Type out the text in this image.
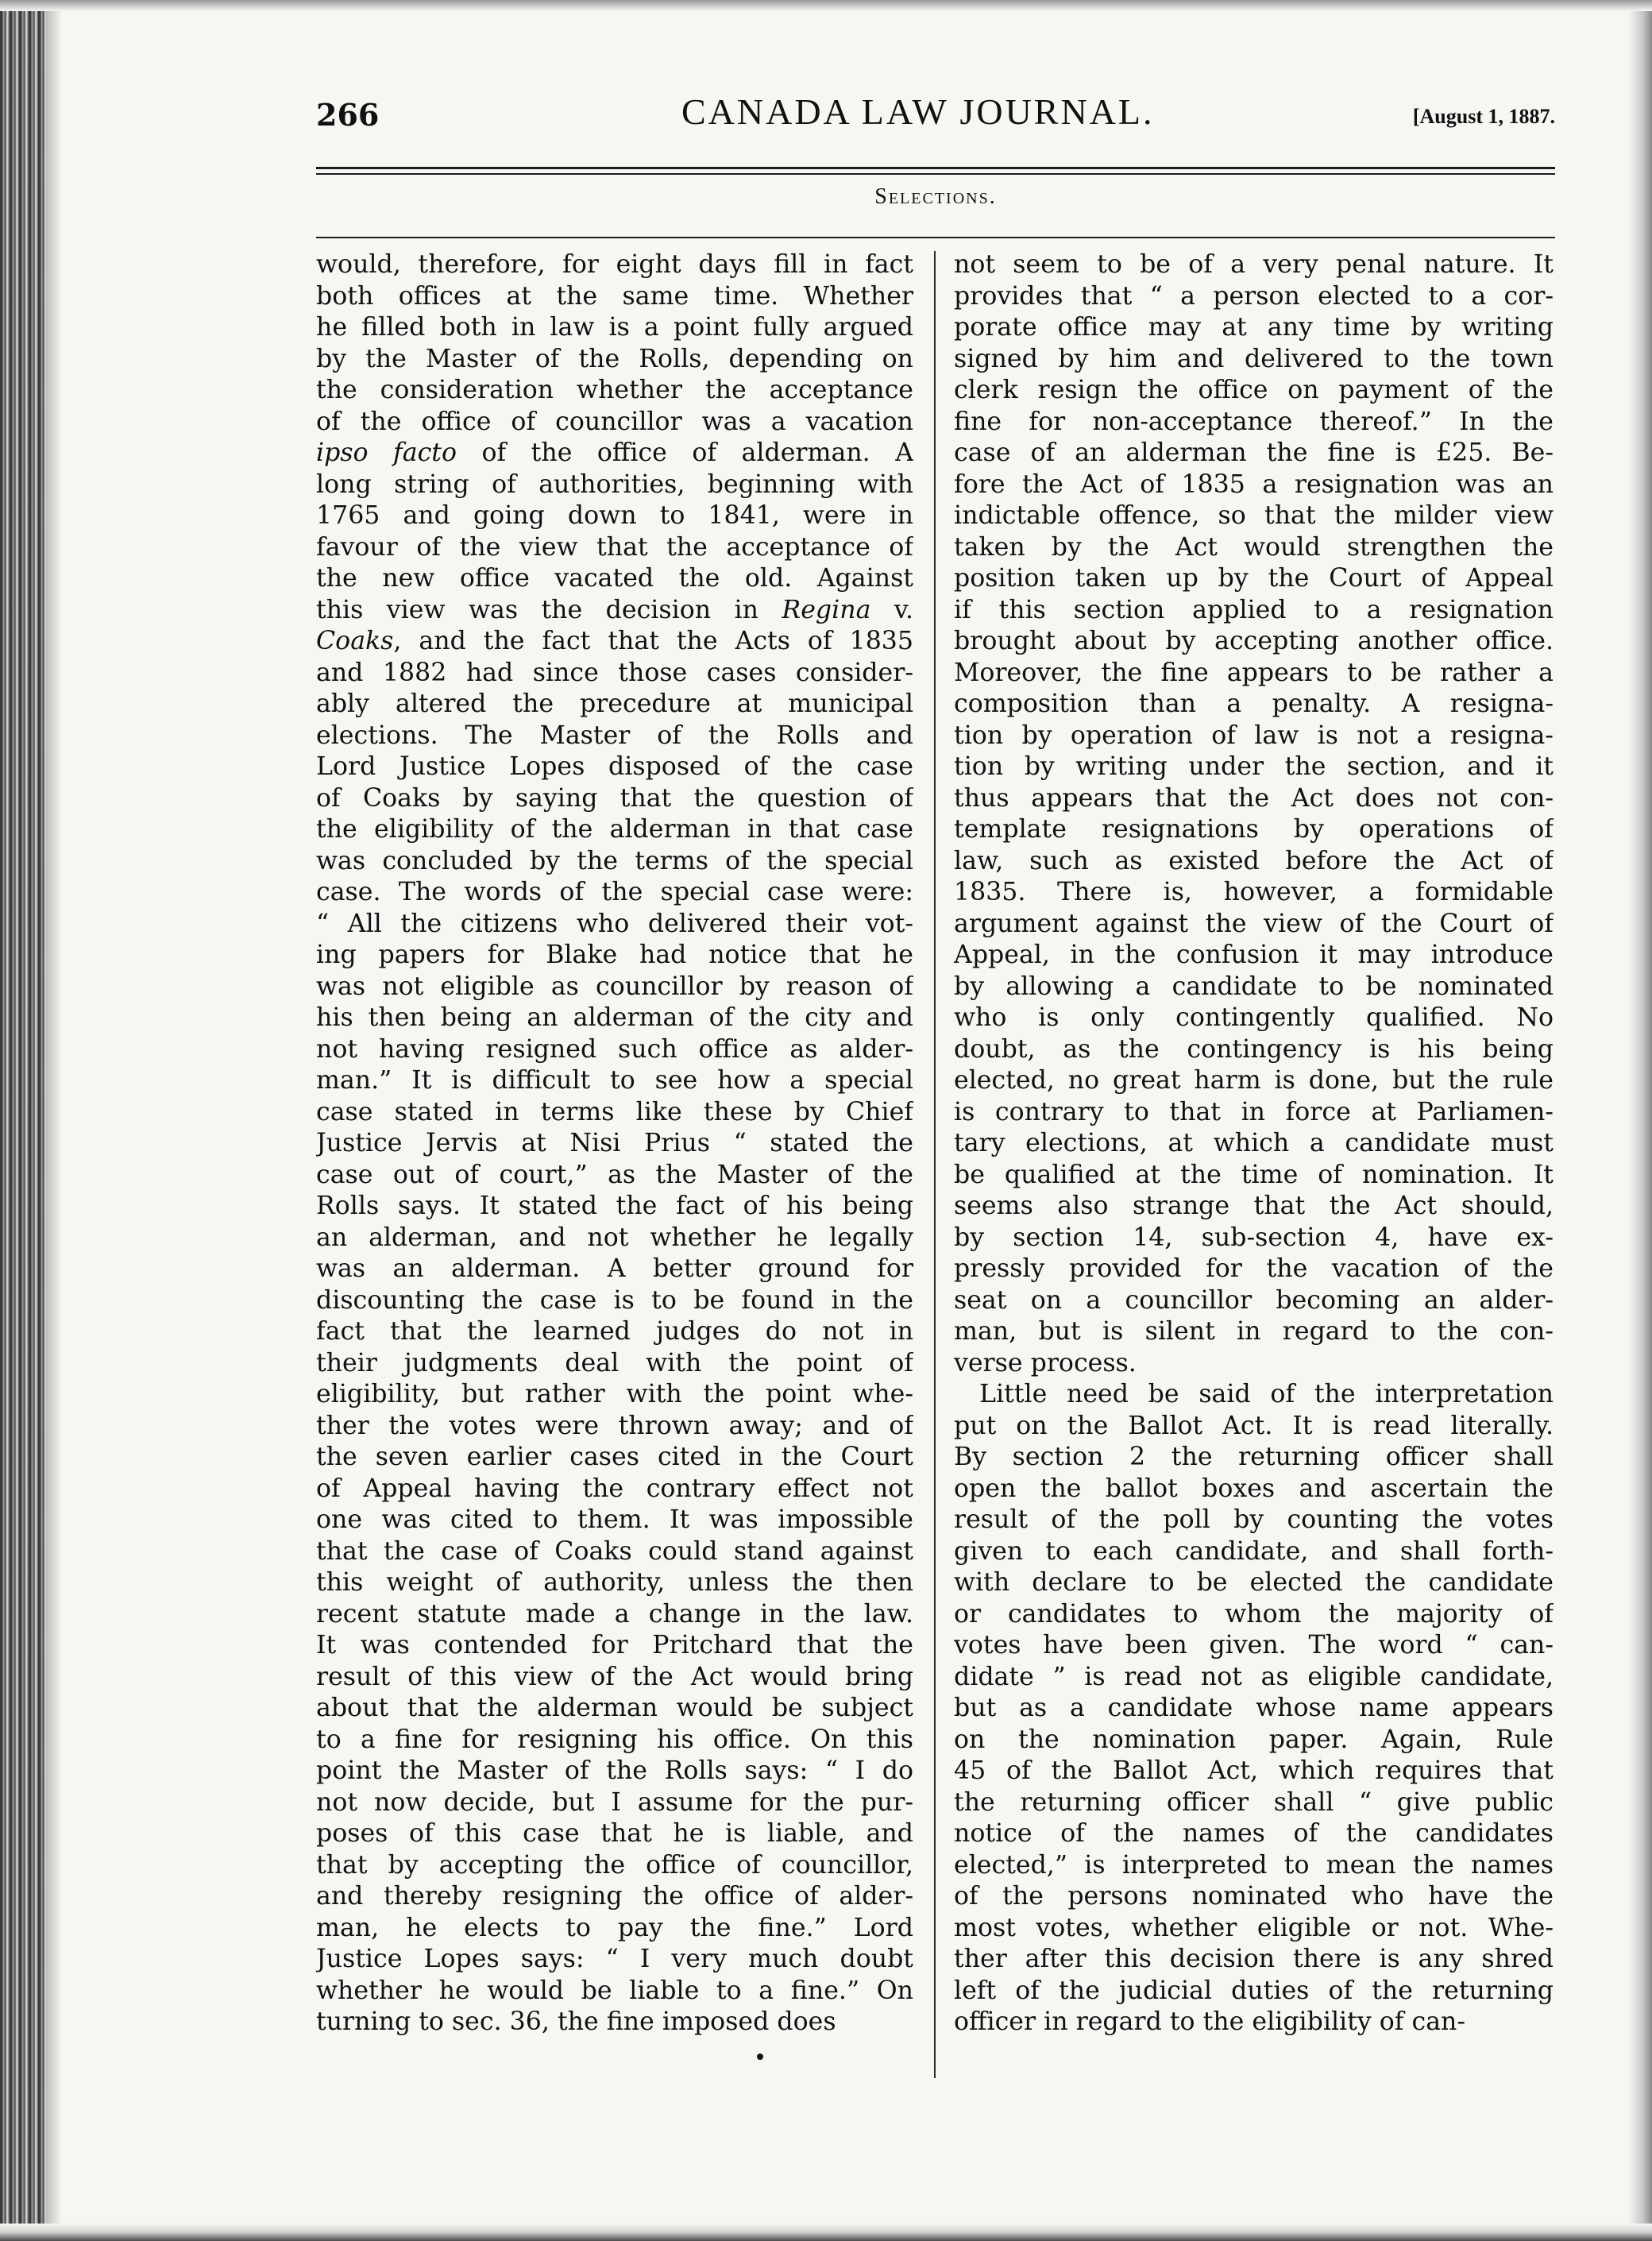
266	CANADA LAW JOURNAL.	[August 1, 1887.
Selections.
would, therefore, for eight days fill in fact
both offices at the same time. Whether
he filled both in law is a point fully argued
by the Master of the Rolls, depending on
the consideration whether the acceptance
of the office of councillor was a vacation
ipso facto of the office of alderman. A
long string of authorities, beginning with
1765 and going down to 1841, were in
favour of the view that the acceptance of
the new office vacated the old. Against
this view was the decision in Regina v.
Coaks, and the fact that the Acts of 1835
and 1882 had since those cases consider-
ably altered the precedure at municipal
elections. The Master of the Rolls and
Lord Justice Lopes disposed of the case
of Coaks by saying that the question of
the eligibility of the alderman in that case
was concluded by the terms of the special
case. The words of the special case were:
“ All the citizens who delivered their vot-
ing papers for Blake had notice that he
was not eligible as councillor by reason of
his then being an alderman of the city and
not having resigned such office as alder-
man.” It is difficult to see how a special
case stated in terms like these by Chief
Justice Jervis at Nisi Prius “ stated the
case out of court,” as the Master of the
Rolls says. It stated the fact of his being
an alderman, and not whether he legally
was an alderman. A better ground for
discounting the case is to be found in the
fact that the learned judges do not in
their judgments deal with the point of
eligibility, but rather with the point whe-
ther the votes were thrown away; and of
the seven earlier cases cited in the Court
of Appeal having the contrary effect not
one was cited to them. It was impossible
that the case of Coaks could stand against
this weight of authority, unless the then
recent statute made a change in the law.
It was contended for Pritchard that the
result of this view of the Act would bring
about that the alderman would be subject
to a fine for resigning his office. On this
point the Master of the Rolls says: “ I do
not now decide, but I assume for the pur-
poses of this case that he is liable, and
that by accepting the office of councillor,
and thereby resigning the office of alder-
man, he elects to pay the fine.” Lord
Justice Lopes says: “ I very much doubt
whether he would be liable to a fine.” On
turning to sec. 36, the fine imposed does
not seem to be of a very penal nature. It
provides that “ a person elected to a cor-
porate office may at any time by writing
signed by him and delivered to the town
clerk resign the office on payment of the
fine for non-acceptance thereof.” In the
case of an alderman the fine is £25. Be-
fore the Act of 1835 a resignation was an
indictable offence, so that the milder view
taken by the Act would strengthen the
position taken up by the Court of Appeal
if this section applied to a resignation
brought about by accepting another office.
Moreover, the fine appears to be rather a
composition than a penalty. A resigna-
tion by operation of law is not a resigna-
tion by writing under the section, and it
thus appears that the Act does not con-
template resignations by operations of
law, such as existed before the Act of
1835. There is, however, a formidable
argument against the view of the Court of
Appeal, in the confusion it may introduce
by allowing a candidate to be nominated
who is only contingently qualified. No
doubt, as the contingency is his being
elected, no great harm is done, but the rule
is contrary to that in force at Parliamen-
tary elections, at which a candidate must
be qualified at the time of nomination. It
seems also strange that the Act should,
by section 14, sub-section 4, have ex-
pressly provided for the vacation of the
seat on a councillor becoming an alder-
man, but is silent in regard to the con-
verse process.
Little need be said of the interpretation
put on the Ballot Act. It is read literally.
By section 2 the returning officer shall
open the ballot boxes and ascertain the
result of the poll by counting the votes
given to each candidate, and shall forth-
with declare to be elected the candidate
or candidates to whom the majority of
votes have been given. The word “ can-
didate ” is read not as eligible candidate,
but as a candidate whose name appears
on the nomination paper. Again, Rule
45 of the Ballot Act, which requires that
the returning officer shall “ give public
notice of the names of the candidates
elected,” is interpreted to mean the names
of the persons nominated who have the
most votes, whether eligible or not. Whe-
ther after this decision there is any shred
left of the judicial duties of the returning
officer in regard to the eligibility of can-
